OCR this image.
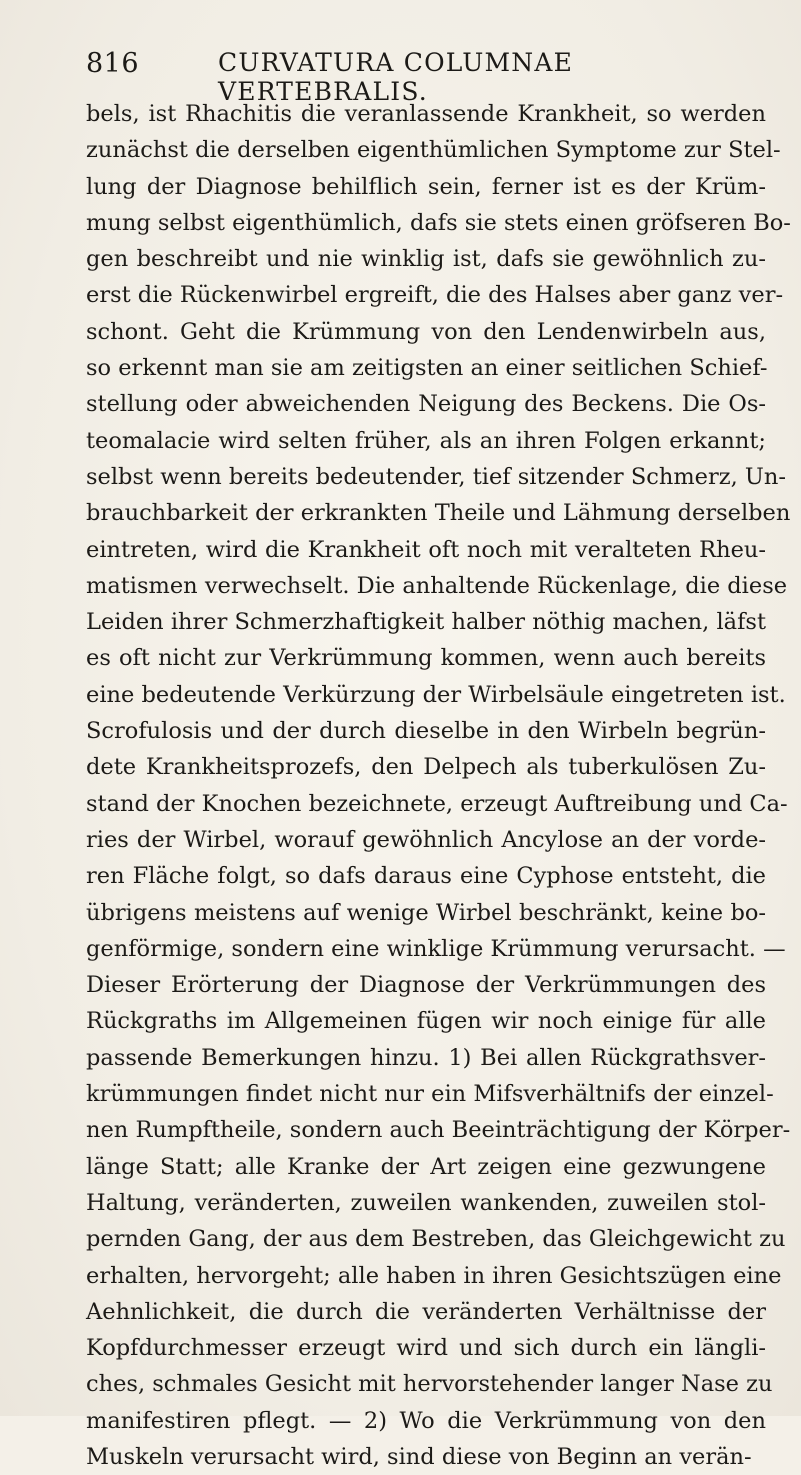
816	CURVATURA COLUMNAE VERTEBRALIS.
bels, ist Rhachitis die veranlassende Krankheit, so werden
zunächst die derselben eigenthümlichen Symptome zur Stel-
lung der Diagnose behilflich sein, ferner ist es der Krüm-
mung selbst eigenthümlich, dafs sie stets einen gröfseren Bo-
gen beschreibt und nie winklig ist, dafs sie gewöhnlich zu-
erst die Rückenwirbel ergreift, die des Halses aber ganz ver-
schont. Geht die Krümmung von den Lendenwirbeln aus,
so erkennt man sie am zeitigsten an einer seitlichen Schief-
stellung oder abweichenden Neigung des Beckens. Die Os-
teomalacie wird selten früher, als an ihren Folgen erkannt;
selbst wenn bereits bedeutender, tief sitzender Schmerz, Un-
brauchbarkeit der erkrankten Theile und Lähmung derselben
eintreten, wird die Krankheit oft noch mit veralteten Rheu-
matismen verwechselt. Die anhaltende Rückenlage, die diese
Leiden ihrer Schmerzhaftigkeit halber nöthig machen, läfst
es oft nicht zur Verkrümmung kommen, wenn auch bereits
eine bedeutende Verkürzung der Wirbelsäule eingetreten ist.
Scrofulosis und der durch dieselbe in den Wirbeln begrün-
dete Krankheitsprozefs, den Delpech als tuberkulösen Zu-
stand der Knochen bezeichnete, erzeugt Auftreibung und Ca-
ries der Wirbel, worauf gewöhnlich Ancylose an der vorde-
ren Fläche folgt, so dafs daraus eine Cyphose entsteht, die
übrigens meistens auf wenige Wirbel beschränkt, keine bo-
genförmige, sondern eine winklige Krümmung verursacht. —
Dieser Erörterung der Diagnose der Verkrümmungen des
Rückgraths im Allgemeinen fügen wir noch einige für alle
passende Bemerkungen hinzu. 1) Bei allen Rückgrathsver-
krümmungen findet nicht nur ein Mifsverhältnifs der einzel-
nen Rumpftheile, sondern auch Beeinträchtigung der Körper-
länge Statt; alle Kranke der Art zeigen eine gezwungene
Haltung, veränderten, zuweilen wankenden, zuweilen stol-
pernden Gang, der aus dem Bestreben, das Gleichgewicht zu
erhalten, hervorgeht; alle haben in ihren Gesichtszügen eine
Aehnlichkeit, die durch die veränderten Verhältnisse der
Kopfdurchmesser erzeugt wird und sich durch ein längli-
ches, schmales Gesicht mit hervorstehender langer Nase zu
manifestiren pflegt. — 2) Wo die Verkrümmung von den
Muskeln verursacht wird, sind diese von Beginn an verän-
